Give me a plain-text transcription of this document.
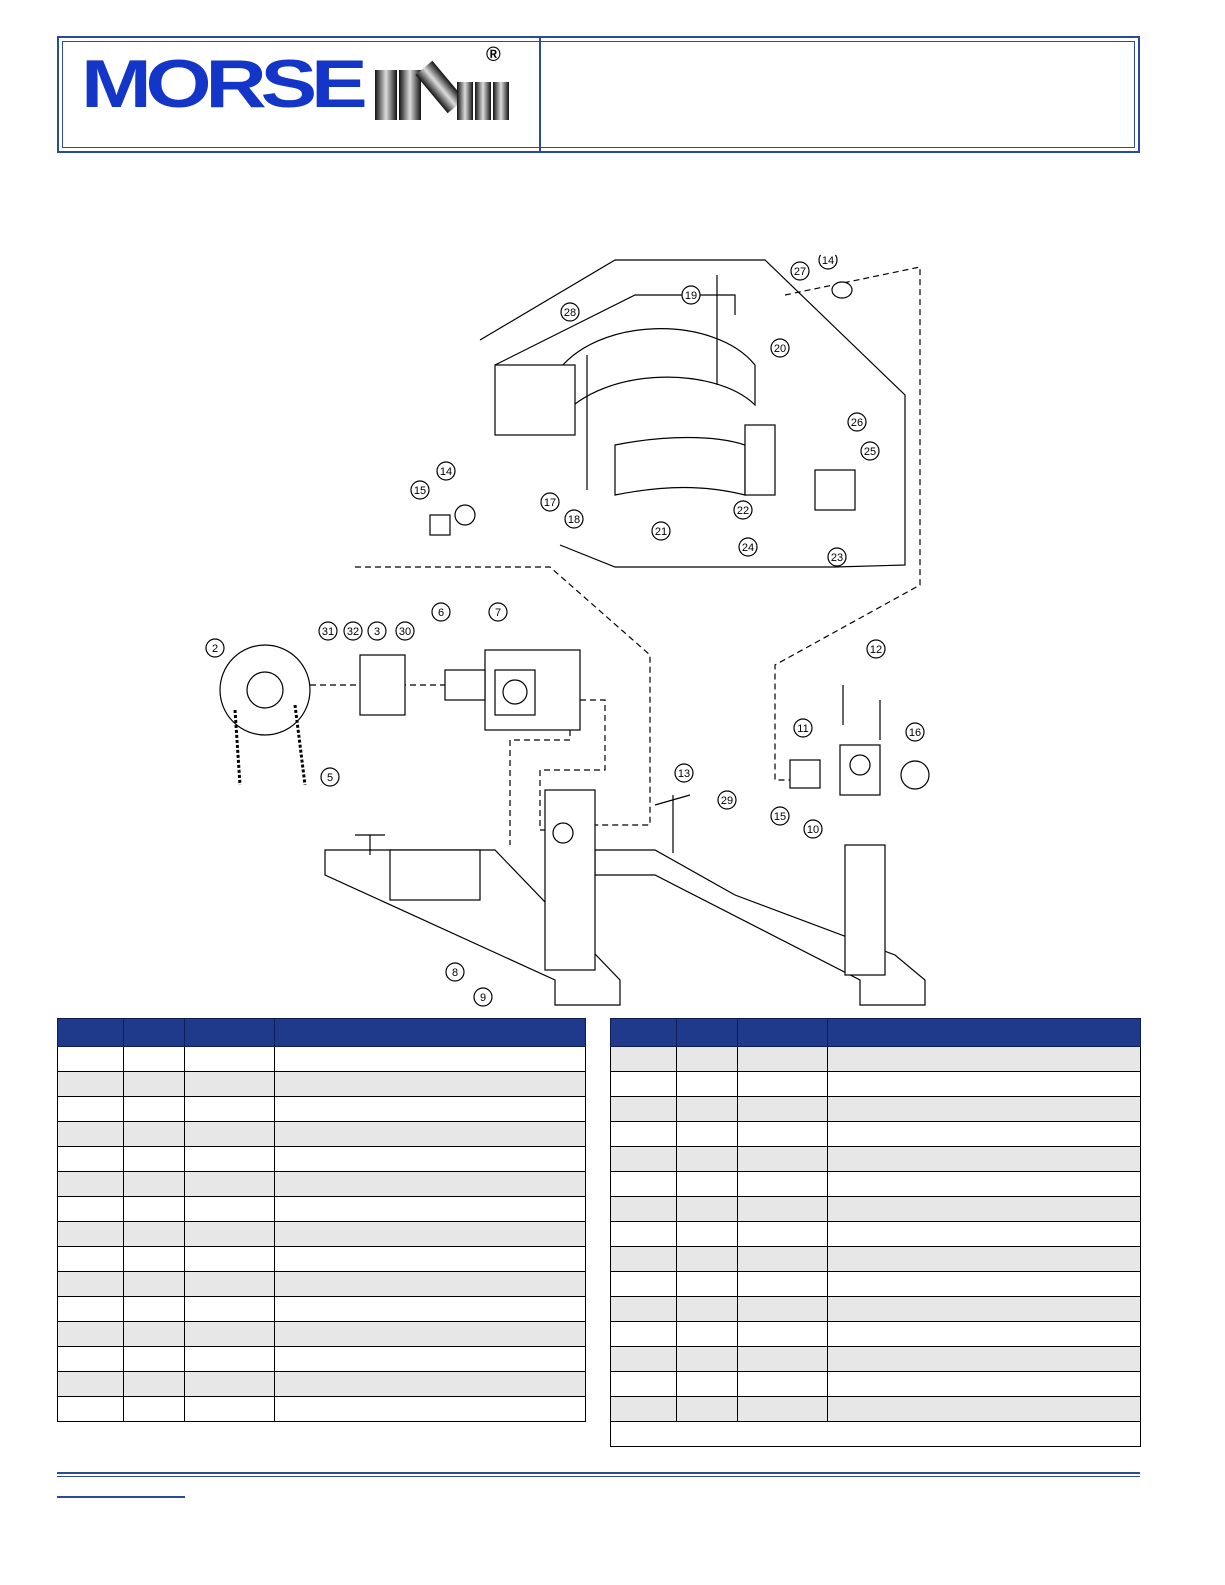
MORSE	®
2
5
31 32 3 30
6	7
8
9
10
11
12
13
14
14
15
15
16
17
18
19
20
21
22
23
24
25
26
27
28
29
